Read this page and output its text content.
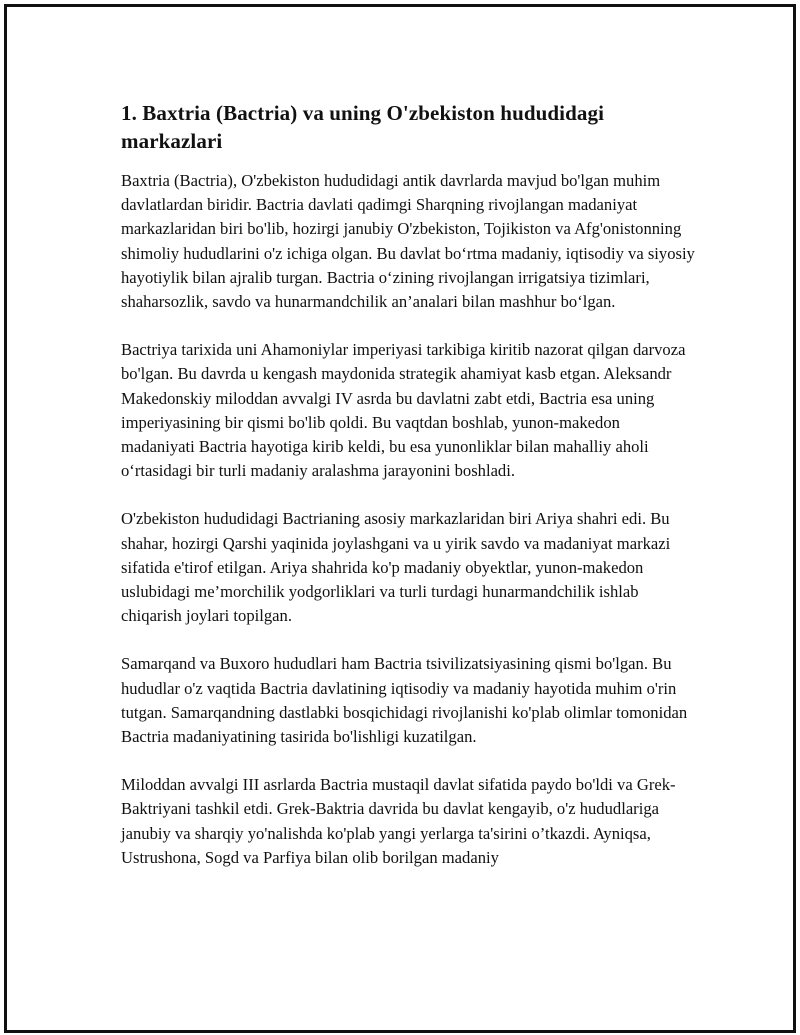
1. Baxtria (Bactria) va uning O'zbekiston hududidagi markazlari

Baxtria (Bactria), O'zbekiston hududidagi antik davrlarda mavjud bo'lgan muhim davlatlardan biridir. Bactria davlati qadimgi Sharqning rivojlangan madaniyat markazlaridan biri bo'lib, hozirgi janubiy O'zbekiston, Tojikiston va Afg'onistonning shimoliy hududlarini o'z ichiga olgan. Bu davlat bo‘rtma madaniy, iqtisodiy va siyosiy hayotiylik bilan ajralib turgan. Bactria o‘zining rivojlangan irrigatsiya tizimlari, shaharsozlik, savdo va hunarmandchilik an’analari bilan mashhur bo‘lgan.

Bactriya tarixida uni Ahamoniylar imperiyasi tarkibiga kiritib nazorat qilgan darvoza bo'lgan. Bu davrda u kengash maydonida strategik ahamiyat kasb etgan. Aleksandr Makedonskiy miloddan avvalgi IV asrda bu davlatni zabt etdi, Bactria esa uning imperiyasining bir qismi bo'lib qoldi. Bu vaqtdan boshlab, yunon-makedon madaniyati Bactria hayotiga kirib keldi, bu esa yunonliklar bilan mahalliy aholi o‘rtasidagi bir turli madaniy aralashma jarayonini boshladi.

O'zbekiston hududidagi Bactrianing asosiy markazlaridan biri Ariya shahri edi. Bu shahar, hozirgi Qarshi yaqinida joylashgani va u yirik savdo va madaniyat markazi sifatida e'tirof etilgan. Ariya shahrida ko'p madaniy obyektlar, yunon-makedon uslubidagi me’morchilik yodgorliklari va turli turdagi hunarmandchilik ishlab chiqarish joylari topilgan.

Samarqand va Buxoro hududlari ham Bactria tsivilizatsiyasining qismi bo'lgan. Bu hududlar o'z vaqtida Bactria davlatining iqtisodiy va madaniy hayotida muhim o'rin tutgan. Samarqandning dastlabki bosqichidagi rivojlanishi ko'plab olimlar tomonidan Bactria madaniyatining tasirida bo'lishligi kuzatilgan.

Miloddan avvalgi III asrlarda Bactria mustaqil davlat sifatida paydo bo'ldi va Grek-Baktriyani tashkil etdi. Grek-Baktria davrida bu davlat kengayib, o'z hududlariga janubiy va sharqiy yo'nalishda ko'plab yangi yerlarga ta'sirini o’tkazdi. Ayniqsa, Ustrushona, Sogd va Parfiya bilan olib borilgan madaniy
